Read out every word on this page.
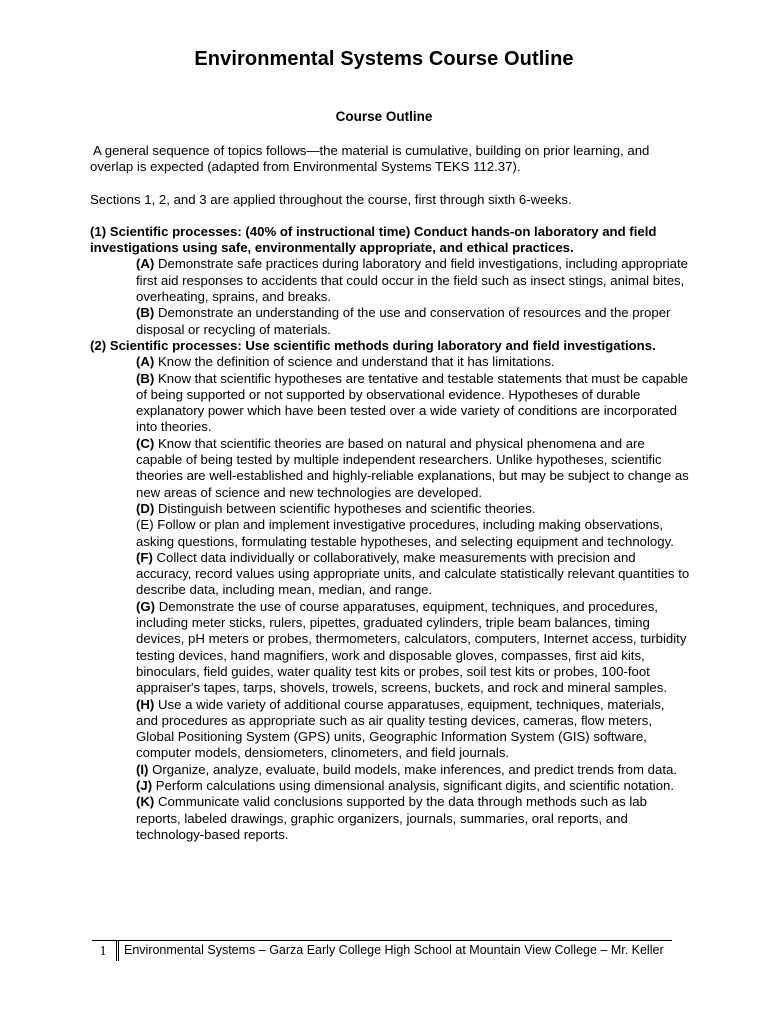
Environmental Systems Course Outline
Course Outline

A general sequence of topics follows—the material is cumulative, building on prior learning, and overlap is expected (adapted from Environmental Systems TEKS 112.37).

Sections 1, 2, and 3 are applied throughout the course, first through sixth 6-weeks.

(1) Scientific processes: (40% of instructional time) Conduct hands-on laboratory and field investigations using safe, environmentally appropriate, and ethical practices.

(A) Demonstrate safe practices during laboratory and field investigations, including appropriate first aid responses to accidents that could occur in the field such as insect stings, animal bites, overheating, sprains, and breaks.

(B) Demonstrate an understanding of the use and conservation of resources and the proper disposal or recycling of materials.

(2) Scientific processes: Use scientific methods during laboratory and field investigations.

(A) Know the definition of science and understand that it has limitations.

(B) Know that scientific hypotheses are tentative and testable statements that must be capable of being supported or not supported by observational evidence. Hypotheses of durable explanatory power which have been tested over a wide variety of conditions are incorporated into theories.

(C) Know that scientific theories are based on natural and physical phenomena and are capable of being tested by multiple independent researchers. Unlike hypotheses, scientific theories are well-established and highly-reliable explanations, but may be subject to change as new areas of science and new technologies are developed.

(D) Distinguish between scientific hypotheses and scientific theories.

(E) Follow or plan and implement investigative procedures, including making observations, asking questions, formulating testable hypotheses, and selecting equipment and technology.

(F) Collect data individually or collaboratively, make measurements with precision and accuracy, record values using appropriate units, and calculate statistically relevant quantities to describe data, including mean, median, and range.

(G) Demonstrate the use of course apparatuses, equipment, techniques, and procedures, including meter sticks, rulers, pipettes, graduated cylinders, triple beam balances, timing devices, pH meters or probes, thermometers, calculators, computers, Internet access, turbidity testing devices, hand magnifiers, work and disposable gloves, compasses, first aid kits, binoculars, field guides, water quality test kits or probes, soil test kits or probes, 100-foot appraiser's tapes, tarps, shovels, trowels, screens, buckets, and rock and mineral samples.

(H) Use a wide variety of additional course apparatuses, equipment, techniques, materials, and procedures as appropriate such as air quality testing devices, cameras, flow meters, Global Positioning System (GPS) units, Geographic Information System (GIS) software, computer models, densiometers, clinometers, and field journals.

(I) Organize, analyze, evaluate, build models, make inferences, and predict trends from data.

(J) Perform calculations using dimensional analysis, significant digits, and scientific notation.

(K) Communicate valid conclusions supported by the data through methods such as lab reports, labeled drawings, graphic organizers, journals, summaries, oral reports, and technology-based reports.

1	Environmental Systems – Garza Early College High School at Mountain View College – Mr. Keller
